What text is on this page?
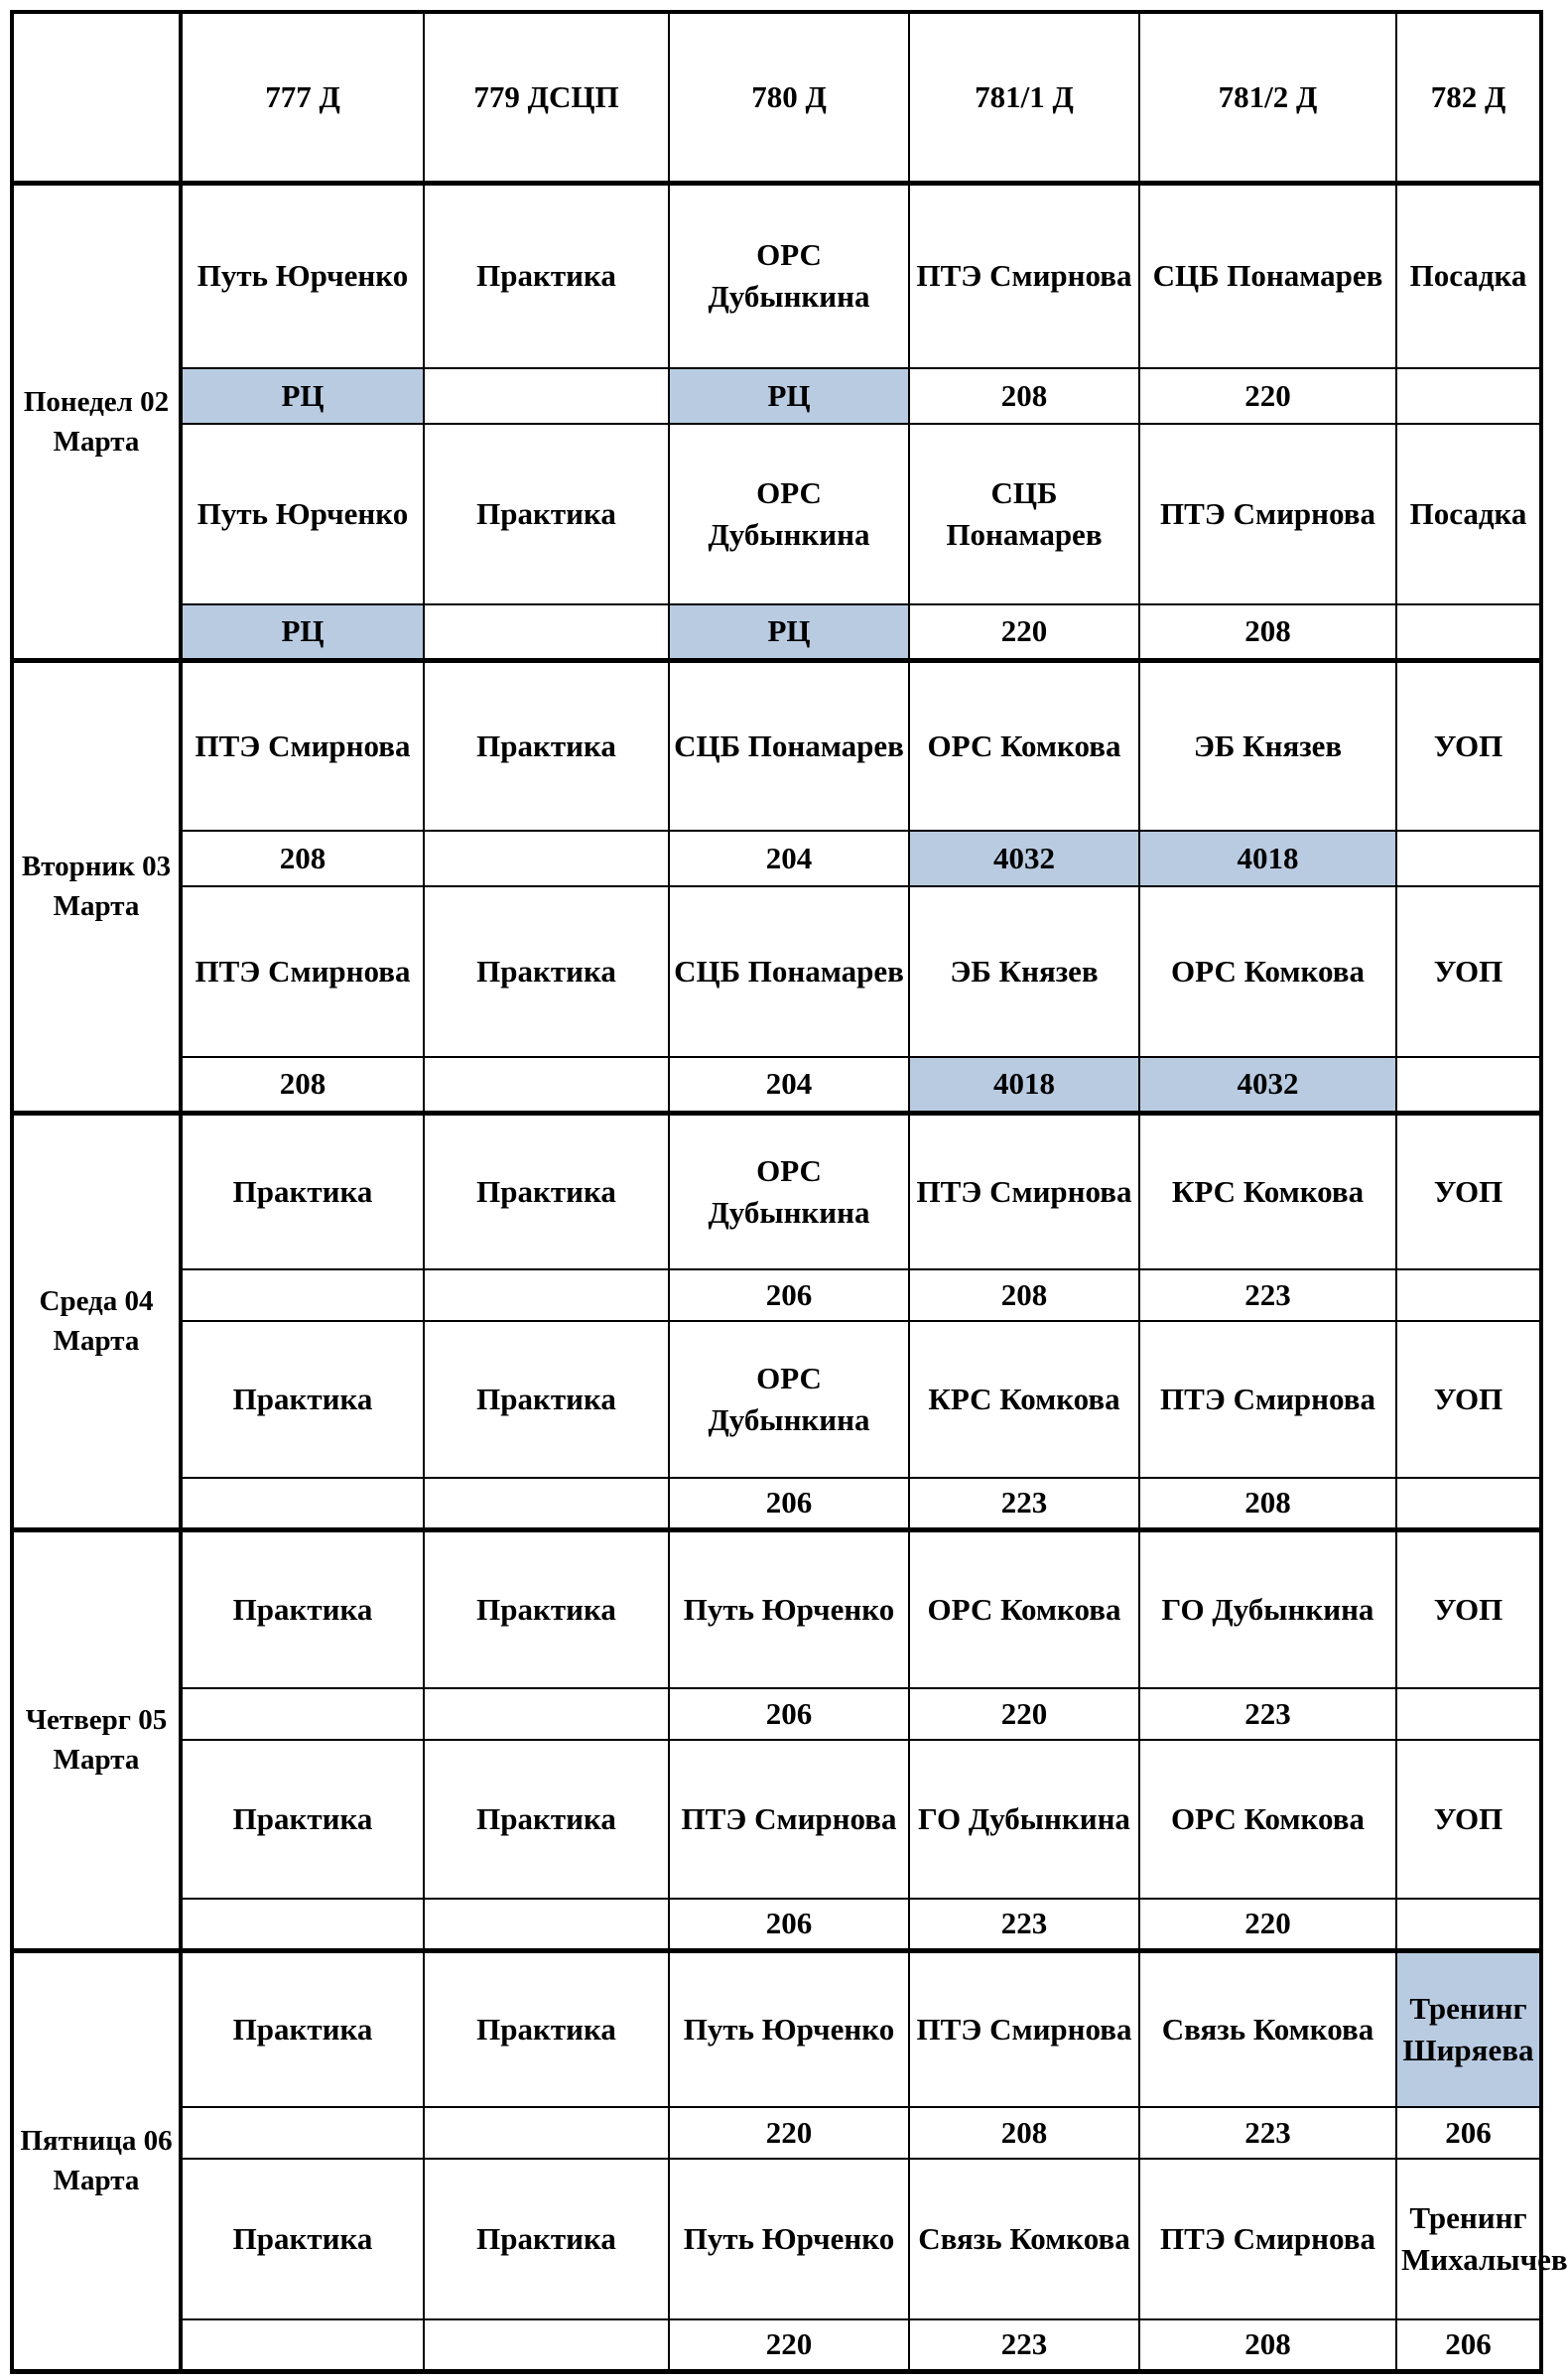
	777 Д	779 ДСЦП	780 Д	781/1 Д	781/2 Д	782 Д
Понедел 02 Марта	Путь Юрченко	Практика	ОРС Дубынкина	ПТЭ Смирнова	СЦБ Понамарев	Посадка
	РЦ		РЦ	208	220	
	Путь Юрченко	Практика	ОРС Дубынкина	СЦБ Понамарев	ПТЭ Смирнова	Посадка
	РЦ		РЦ	220	208	
Вторник 03 Марта	ПТЭ Смирнова	Практика	СЦБ Понамарев	ОРС Комкова	ЭБ Князев	УОП
	208		204	4032	4018	
	ПТЭ Смирнова	Практика	СЦБ Понамарев	ЭБ Князев	ОРС Комкова	УОП
	208		204	4018	4032	
Среда 04 Марта	Практика	Практика	ОРС Дубынкина	ПТЭ Смирнова	КРС Комкова	УОП
			206	208	223	
	Практика	Практика	ОРС Дубынкина	КРС Комкова	ПТЭ Смирнова	УОП
			206	223	208	
Четверг 05 Марта	Практика	Практика	Путь Юрченко	ОРС Комкова	ГО Дубынкина	УОП
			206	220	223	
	Практика	Практика	ПТЭ Смирнова	ГО Дубынкина	ОРС Комкова	УОП
			206	223	220	
Пятница 06 Марта	Практика	Практика	Путь Юрченко	ПТЭ Смирнова	Связь Комкова	Тренинг Ширяева
			220	208	223	206
	Практика	Практика	Путь Юрченко	Связь Комкова	ПТЭ Смирнова	Тренинг Михалычев
			220	223	208	206
